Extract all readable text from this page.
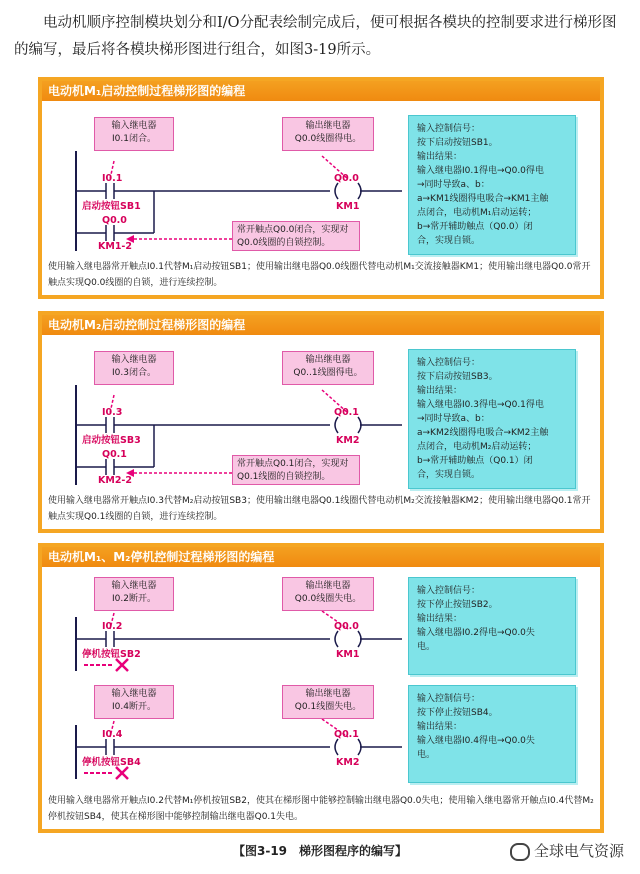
电动机顺序控制模块划分和I/O分配表绘制完成后，便可根据各模块的控制要求进行梯形图的编写，最后将各模块梯形图进行组合，如图3-19所示。
电动机M₁启动控制过程梯形图的编程
输入继电器
I0.1闭合。
输出继电器
Q0.0线圈得电。
I0.1
启动按钮SB1
Q0.0
KM1
Q0.0
KM1-2
常开触点Q0.0闭合，实现对Q0.0线圈的自锁控制。
输入控制信号：
按下启动按钮SB1。
输出结果：
输入继电器I0.1得电→Q0.0得电
→同时导致a、b：
a→KM1线圈得电吸合→KM1主触
点闭合，电动机M₁启动运转；
b→常开辅助触点（Q0.0）闭
合，实现自锁。
使用输入继电器常开触点I0.1代替M₁启动按钮SB1；使用输出继电器Q0.0线圈代替电动机M₁交流接触器KM1；使用输出继电器Q0.0常开触点实现Q0.0线圈的自锁，进行连续控制。
电动机M₂启动控制过程梯形图的编程
输入继电器
I0.3闭合。
输出继电器
Q0..1线圈得电。
I0.3
启动按钮SB3
Q0.1
KM2
Q0.1
KM2-2
常开触点Q0.1闭合，实现对Q0.1线圈的自锁控制。
输入控制信号：
按下启动按钮SB3。
输出结果：
输入继电器I0.3得电→Q0.1得电
→同时导致a、b：
a→KM2线圈得电吸合→KM2主触
点闭合，电动机M₂启动运转；
b→常开辅助触点（Q0.1）闭
合，实现自锁。
使用输入继电器常开触点I0.3代替M₂启动按钮SB3；使用输出继电器Q0.1线圈代替电动机M₂交流接触器KM2；使用输出继电器Q0.1常开触点实现Q0.1线圈的自锁，进行连续控制。
电动机M₁、M₂停机控制过程梯形图的编程
输入继电器
I0.2断开。
输出继电器
Q0.0线圈失电。
I0.2
停机按钮SB2
Q0.0
KM1
输入控制信号：
按下停止按钮SB2。
输出结果：
输入继电器I0.2得电→Q0.0失
电。
输入继电器
I0.4断开。
输出继电器
Q0.1线圈失电。
I0.4
停机按钮SB4
Q0.1
KM2
输入控制信号：
按下停止按钮SB4。
输出结果：
输入继电器I0.4得电→Q0.0失
电。
使用输入继电器常开触点I0.2代替M₁停机按钮SB2，使其在梯形图中能够控制输出继电器Q0.0失电；使用输入继电器常开触点I0.4代替M₂停机按钮SB4，使其在梯形图中能够控制输出继电器Q0.1失电。
【图3-19　梯形图程序的编写】	全球电气资源
